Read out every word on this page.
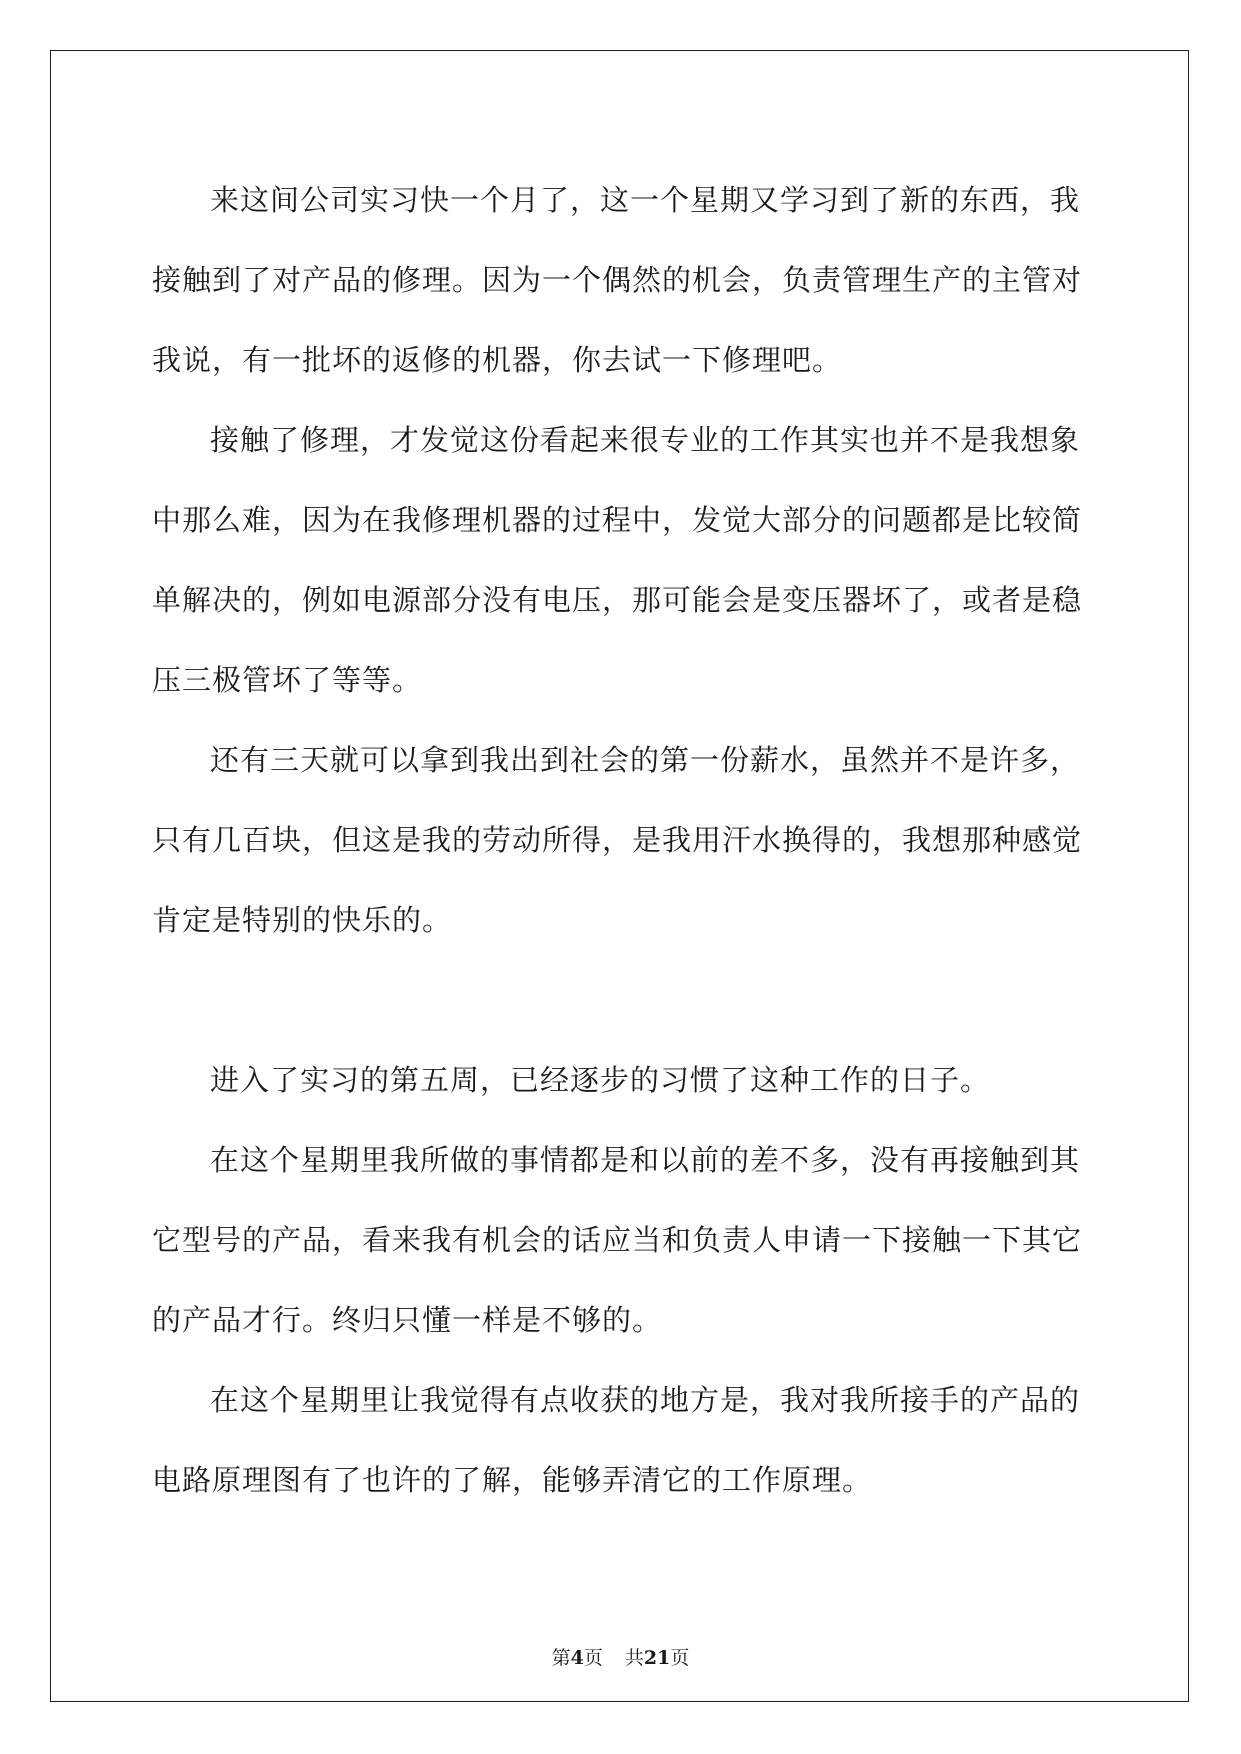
来这间公司实习快一个月了，这一个星期又学习到了新的东西，我接触到了对产品的修理。因为一个偶然的机会，负责管理生产的主管对我说，有一批坏的返修的机器，你去试一下修理吧。

接触了修理，才发觉这份看起来很专业的工作其实也并不是我想象中那么难，因为在我修理机器的过程中，发觉大部分的问题都是比较简单解决的，例如电源部分没有电压，那可能会是变压器坏了，或者是稳压三极管坏了等等。

还有三天就可以拿到我出到社会的第一份薪水，虽然并不是许多，只有几百块，但这是我的劳动所得，是我用汗水换得的，我想那种感觉肯定是特别的快乐的。

进入了实习的第五周，已经逐步的习惯了这种工作的日子。

在这个星期里我所做的事情都是和以前的差不多，没有再接触到其它型号的产品，看来我有机会的话应当和负责人申请一下接触一下其它的产品才行。终归只懂一样是不够的。

在这个星期里让我觉得有点收获的地方是，我对我所接手的产品的电路原理图有了也许的了解，能够弄清它的工作原理。

第4页 共21页
